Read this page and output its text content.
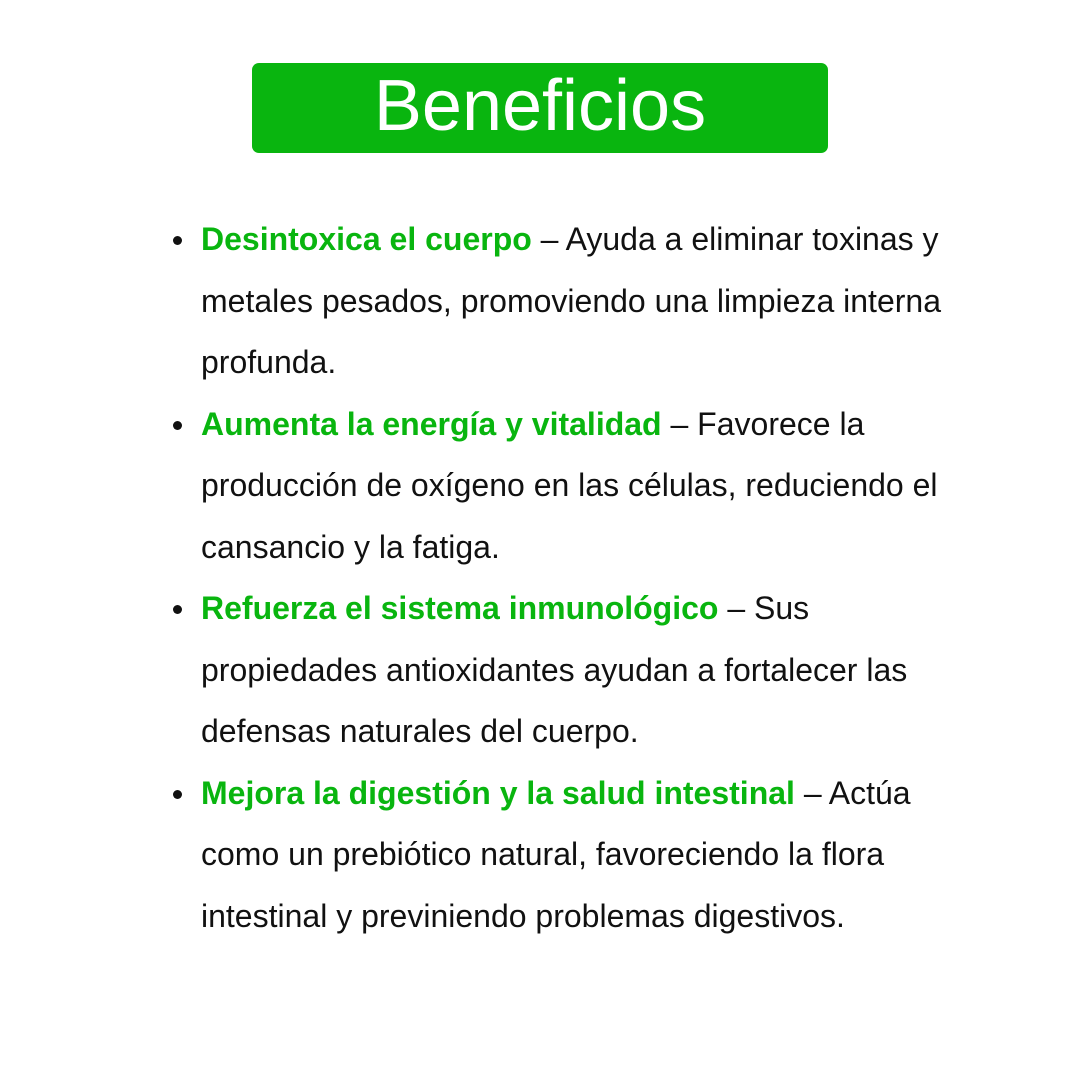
Beneficios
Desintoxica el cuerpo – Ayuda a eliminar toxinas y metales pesados, promoviendo una limpieza interna profunda.
Aumenta la energía y vitalidad – Favorece la producción de oxígeno en las células, reduciendo el cansancio y la fatiga.
Refuerza el sistema inmunológico – Sus propiedades antioxidantes ayudan a fortalecer las defensas naturales del cuerpo.
Mejora la digestión y la salud intestinal – Actúa como un prebiótico natural, favoreciendo la flora intestinal y previniendo problemas digestivos.
